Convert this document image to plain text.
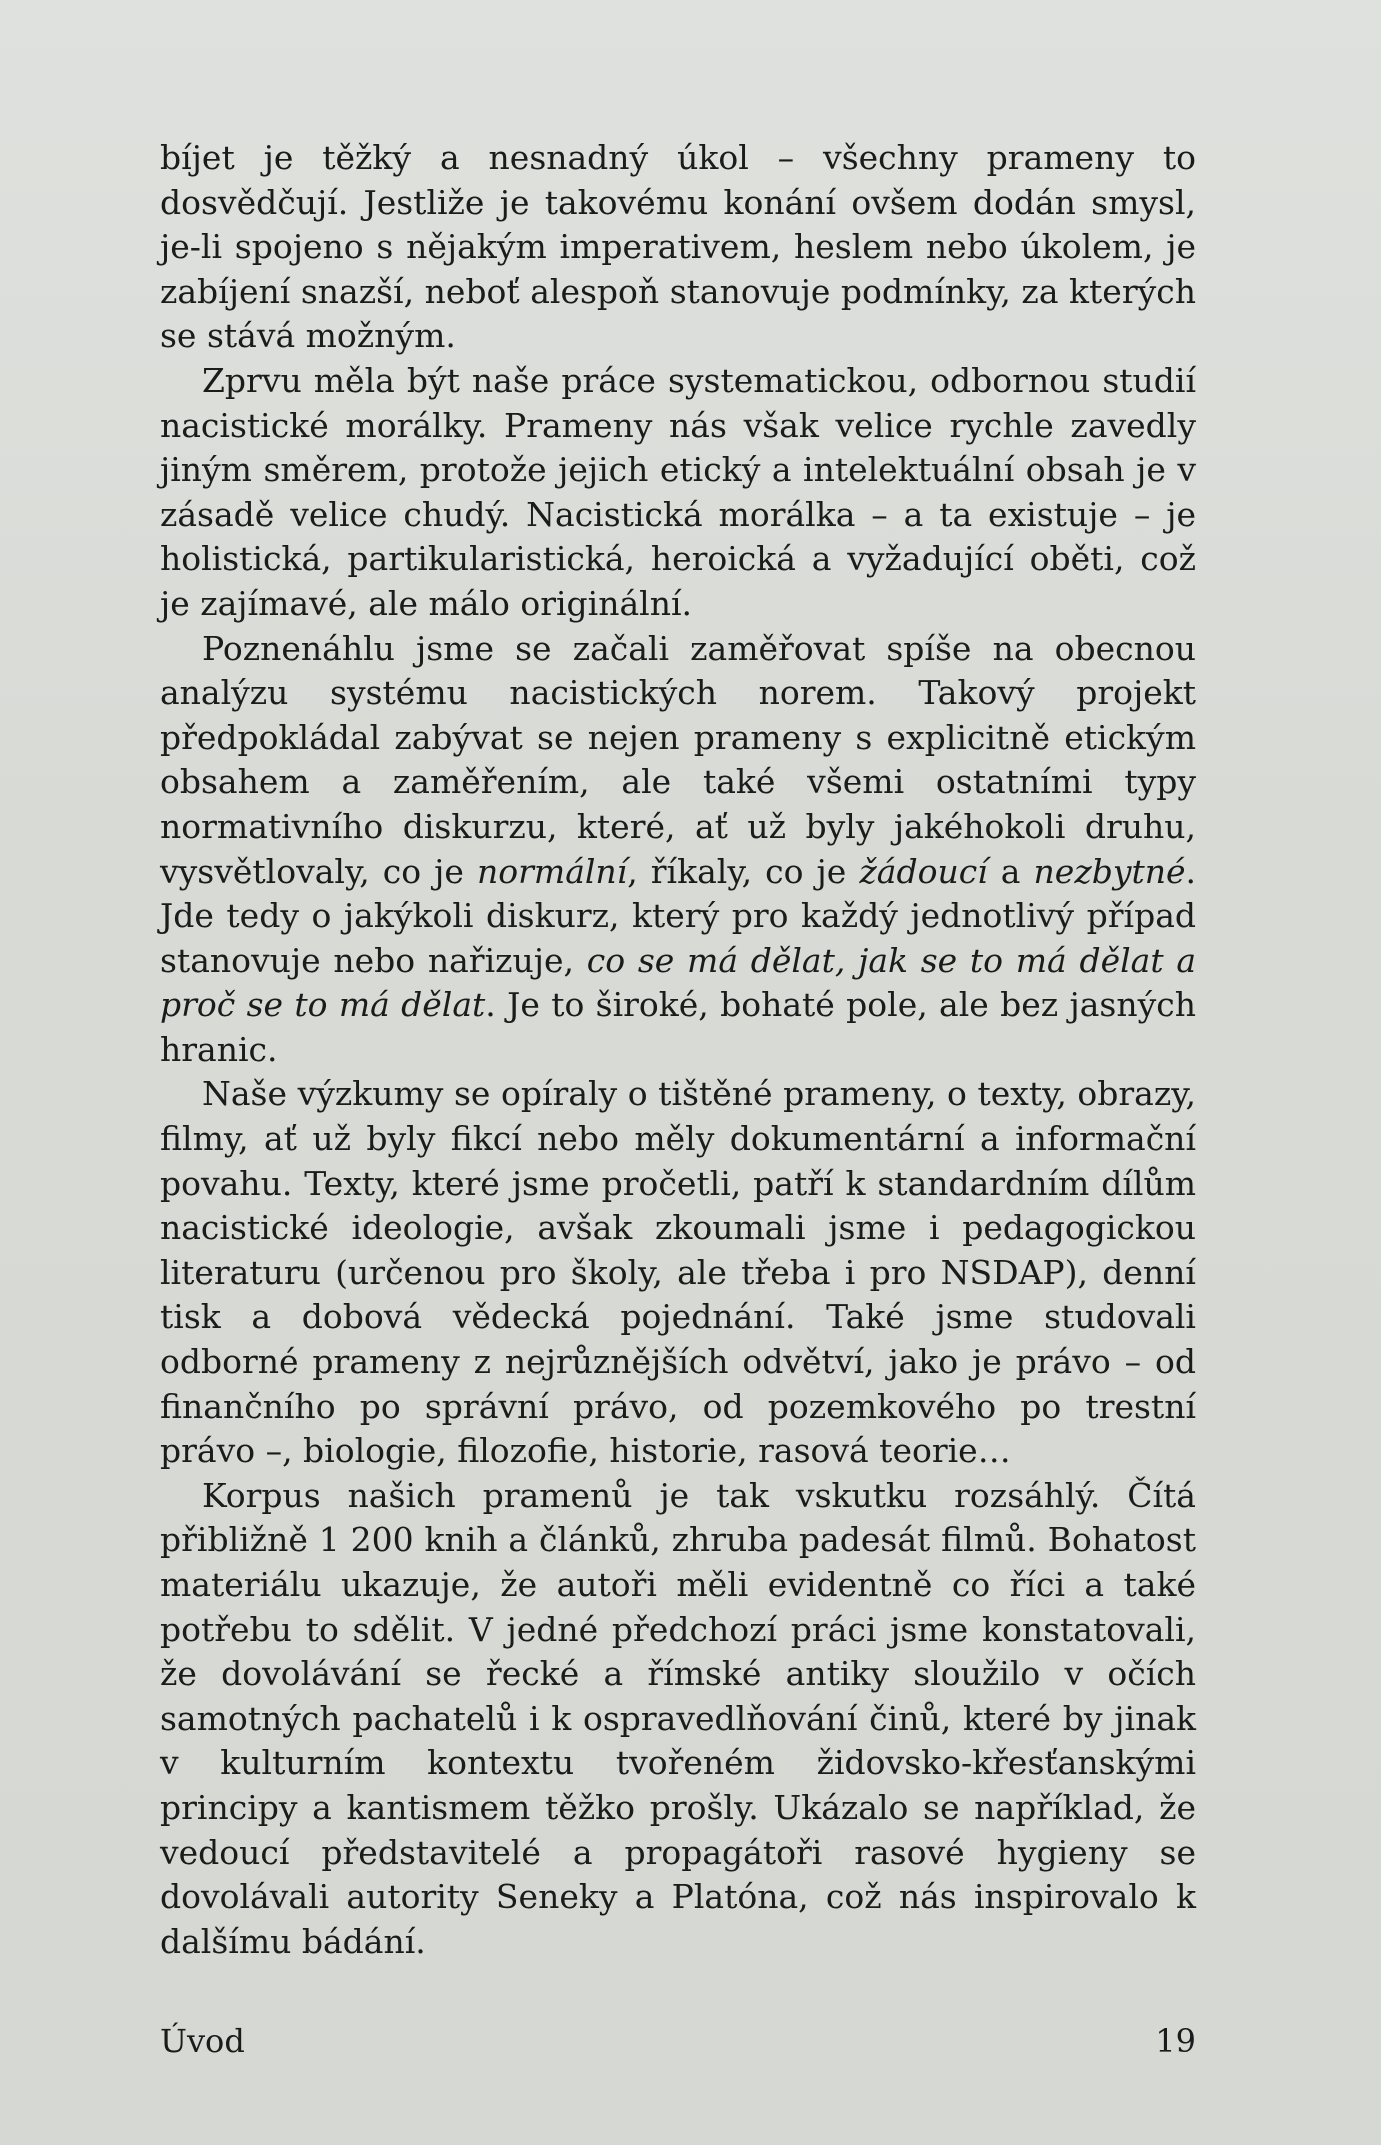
bíjet je těžký a nesnadný úkol – všechny prameny to dosvědčují. Jestliže je takovému konání ovšem dodán smysl, je-li spojeno s nějakým imperativem, heslem nebo úkolem, je zabíjení snazší, neboť alespoň stanovuje podmínky, za kterých se stává možným.

Zprvu měla být naše práce systematickou, odbornou studií nacistické morálky. Prameny nás však velice rychle zavedly jiným směrem, protože jejich etický a intelektuální obsah je v zásadě velice chudý. Nacistická morálka – a ta existuje – je holistická, partikularistická, heroická a vyžadující oběti, což je zajímavé, ale málo originální.

Poznenáhlu jsme se začali zaměřovat spíše na obecnou analýzu systému nacistických norem. Takový projekt předpokládal zabývat se nejen prameny s explicitně etickým obsahem a zaměřením, ale také všemi ostatními typy normativního diskurzu, které, ať už byly jakéhokoli druhu, vysvětlovaly, co je normální, říkaly, co je žádoucí a nezbytné. Jde tedy o jakýkoli diskurz, který pro každý jednotlivý případ stanovuje nebo nařizuje, co se má dělat, jak se to má dělat a proč se to má dělat. Je to široké, bohaté pole, ale bez jasných hranic.

Naše výzkumy se opíraly o tištěné prameny, o texty, obrazy, filmy, ať už byly fikcí nebo měly dokumentární a informační povahu. Texty, které jsme pročetli, patří k standardním dílům nacistické ideologie, avšak zkoumali jsme i pedagogickou literaturu (určenou pro školy, ale třeba i pro NSDAP), denní tisk a dobová vědecká pojednání. Také jsme studovali odborné prameny z nejrůznějších odvětví, jako je právo – od finančního po správní právo, od pozemkového po trestní právo –, biologie, filozofie, historie, rasová teorie…

Korpus našich pramenů je tak vskutku rozsáhlý. Čítá přibližně 1 200 knih a článků, zhruba padesát filmů. Bohatost materiálu ukazuje, že autoři měli evidentně co říci a také potřebu to sdělit. V jedné předchozí práci jsme konstatovali, že dovolávání se řecké a římské antiky sloužilo v očích samotných pachatelů i k ospravedlňování činů, které by jinak v kulturním kontextu tvořeném židovsko-křesťanskými principy a kantismem těžko prošly. Ukázalo se například, že vedoucí představitelé a propagátoři rasové hygieny se dovolávali autority Seneky a Platóna, což nás inspirovalo k dalšímu bádání.

Úvod	19
